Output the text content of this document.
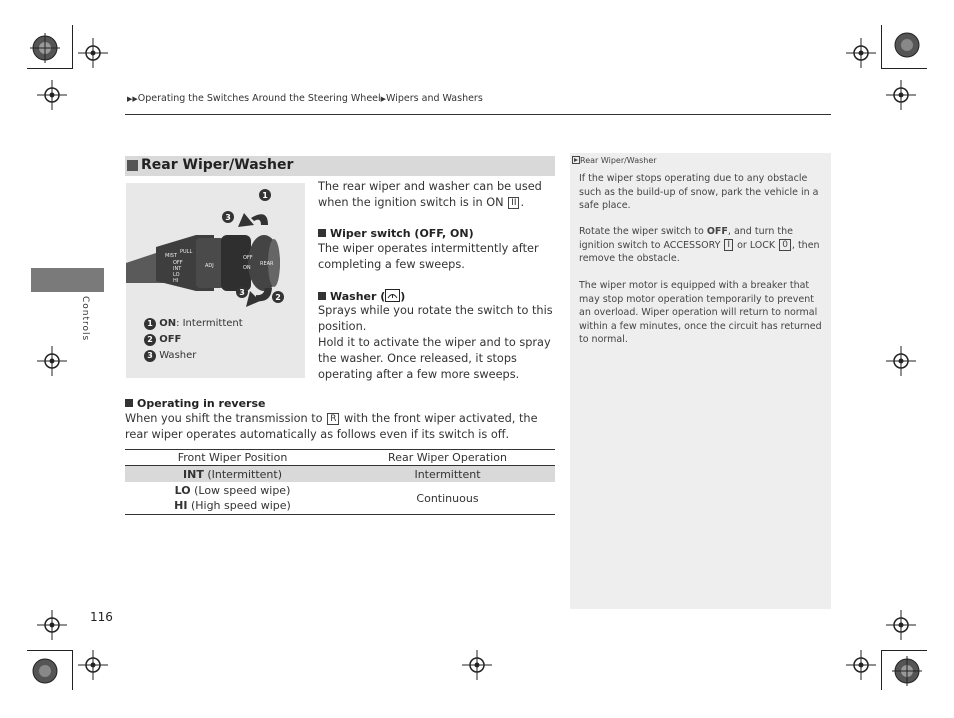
▶▶Operating the Switches Around the Steering Wheel▶Wipers and Washers
Controls
Rear Wiper/Washer
1
3
3
2
MIST
PULL
OFF
INT
LO
HI
ADJ
OFF
ON
REAR
1 ON: Intermittent
2 OFF
3 Washer
The rear wiper and washer can be used when the ignition switch is in ON II .
Wiper switch (OFF, ON)
The wiper operates intermittently after completing a few sweeps.
Washer ( )
Sprays while you rotate the switch to this position.
Hold it to activate the wiper and to spray the washer. Once released, it stops operating after a few more sweeps.
Operating in reverse
When you shift the transmission to R with the front wiper activated, the rear wiper operates automatically as follows even if its switch is off.
Front Wiper Position	Rear Wiper Operation
INT (Intermittent)	Intermittent

LO (Low speed wipe)
HI (High speed wipe)	Continuous
Rear Wiper/Washer
If the wiper stops operating due to any obstacle such as the build-up of snow, park the vehicle in a safe place.
Rotate the wiper switch to OFF, and turn the ignition switch to ACCESSORY I or LOCK 0 , then remove the obstacle.
The wiper motor is equipped with a breaker that may stop motor operation temporarily to prevent an overload. Wiper operation will return to normal within a few minutes, once the circuit has returned to normal.
116
